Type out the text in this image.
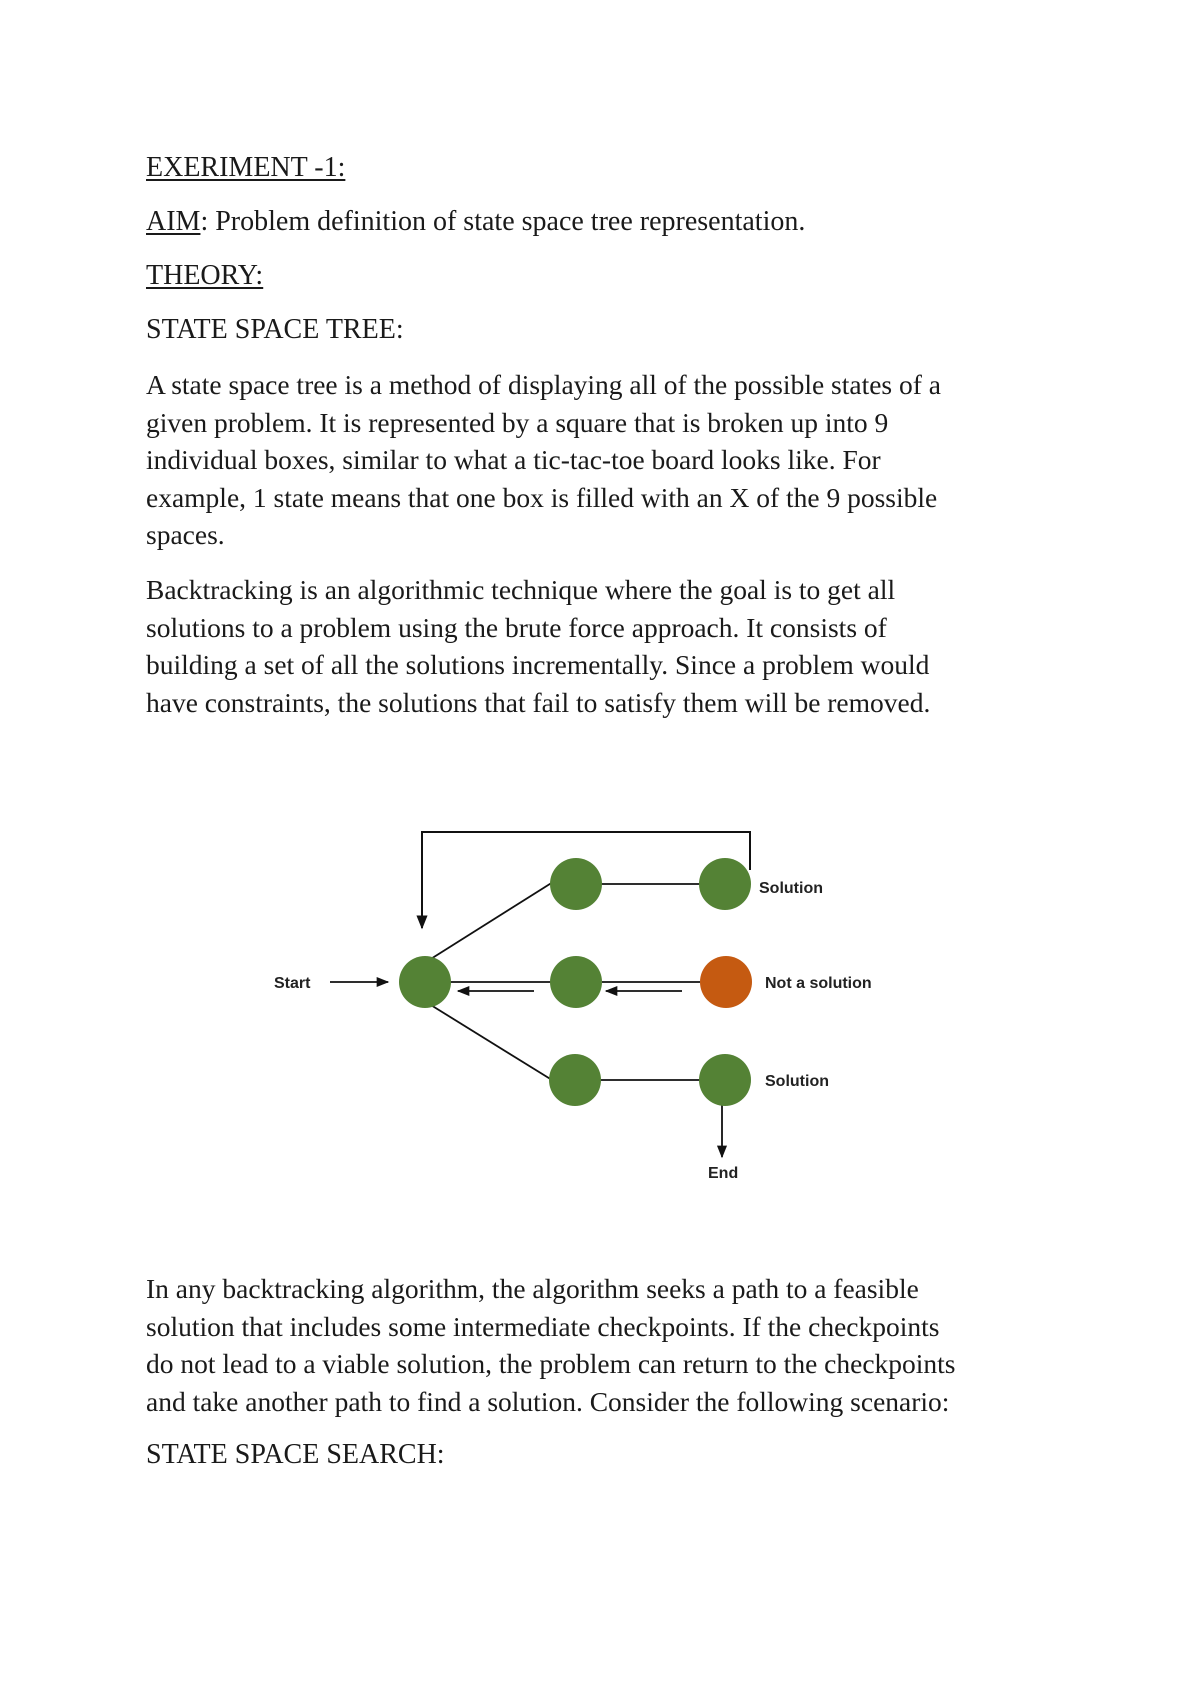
EXERIMENT -1:

AIM: Problem definition of state space tree representation.

THEORY:

STATE SPACE TREE:

A state space tree is a method of displaying all of the possible states of a
given problem. It is represented by a square that is broken up into 9
individual boxes, similar to what a tic-tac-toe board looks like. For
example, 1 state means that one box is filled with an X of the 9 possible
spaces.
Backtracking is an algorithmic technique where the goal is to get all
solutions to a problem using the brute force approach. It consists of
building a set of all the solutions incrementally. Since a problem would
have constraints, the solutions that fail to satisfy them will be removed.
Start
Solution
Not a solution
Solution
End
In any backtracking algorithm, the algorithm seeks a path to a feasible
solution that includes some intermediate checkpoints. If the checkpoints
do not lead to a viable solution, the problem can return to the checkpoints
and take another path to find a solution. Consider the following scenario:

STATE SPACE SEARCH:
